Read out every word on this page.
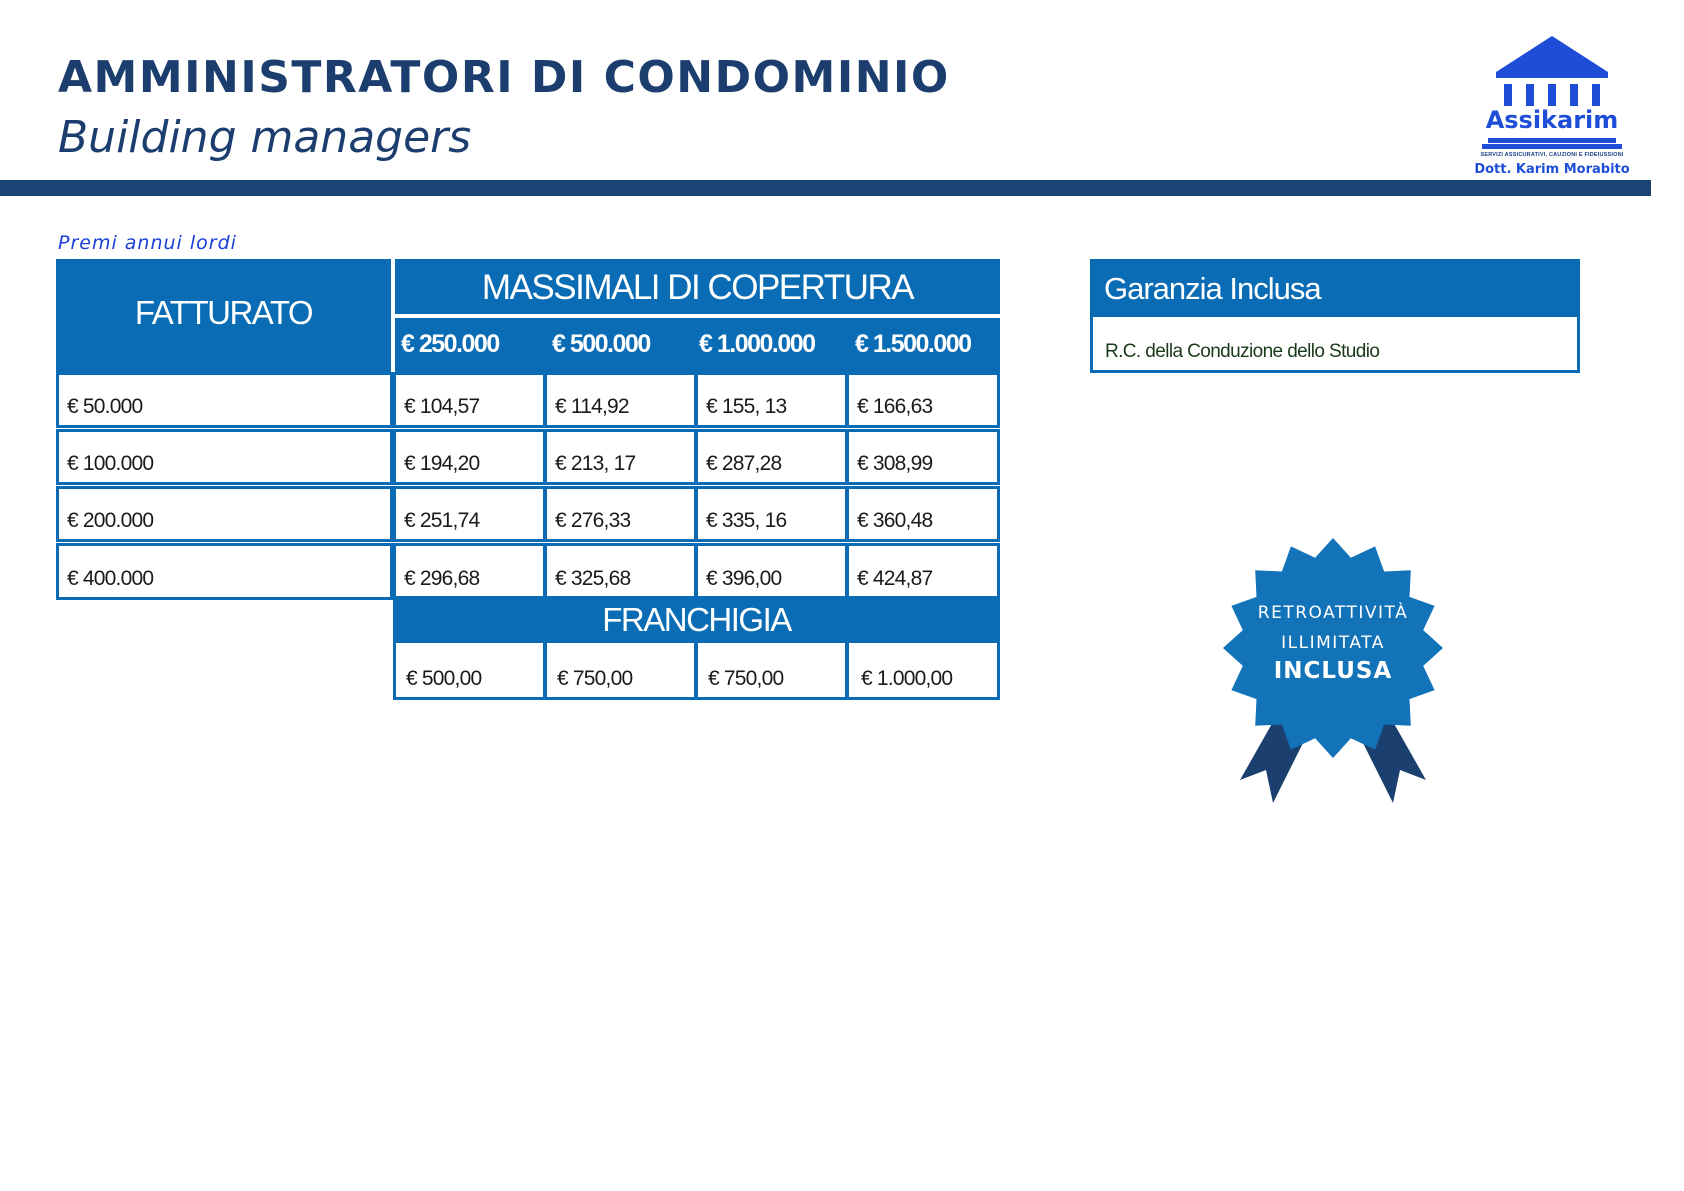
AMMINISTRATORI DI CONDOMINIO
Building managers	Assikarim
SERVIZI ASSICURATIVI, CAUZIONI E FIDEIUSSIONI
Dott. Karim Morabito
Premi annui lordi
FATTURATO
MASSIMALI DI COPERTURA
€ 250.000 € 500.000 € 1.000.000 € 1.500.000
€ 50.000	€ 104,57	€ 114,92	€ 155, 13	€ 166,63
€ 100.000	€ 194,20	€ 213, 17	€ 287,28	€ 308,99
€ 200.000	€ 251,74	€ 276,33	€ 335, 16	€ 360,48
€ 400.000	€ 296,68	€ 325,68	€ 396,00	€ 424,87
FRANCHIGIA
€ 500,00	€ 750,00	€ 750,00	€ 1.000,00
Garanzia Inclusa
R.C. della Conduzione dello Studio
RETROATTIVITÀ
ILLIMITATA
INCLUSA
